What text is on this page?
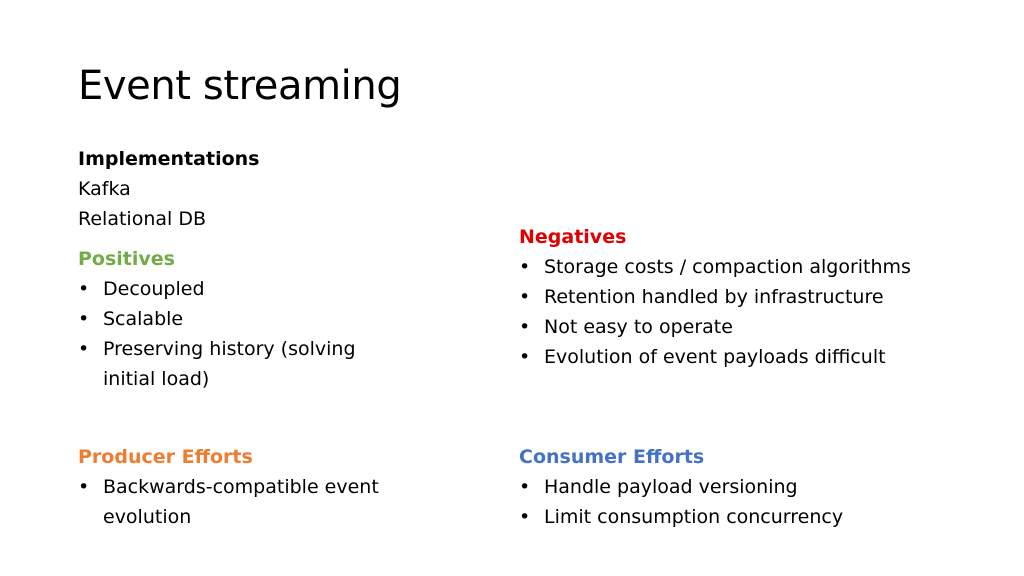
Event streaming
Implementations
Kafka
Relational DB
Positives
• Decoupled
• Scalable
• Preserving history (solving initial load)
Negatives
• Storage costs / compaction algorithms
• Retention handled by infrastructure
• Not easy to operate
• Evolution of event payloads difficult
Producer Efforts
• Backwards-compatible event evolution
Consumer Efforts
• Handle payload versioning
• Limit consumption concurrency
